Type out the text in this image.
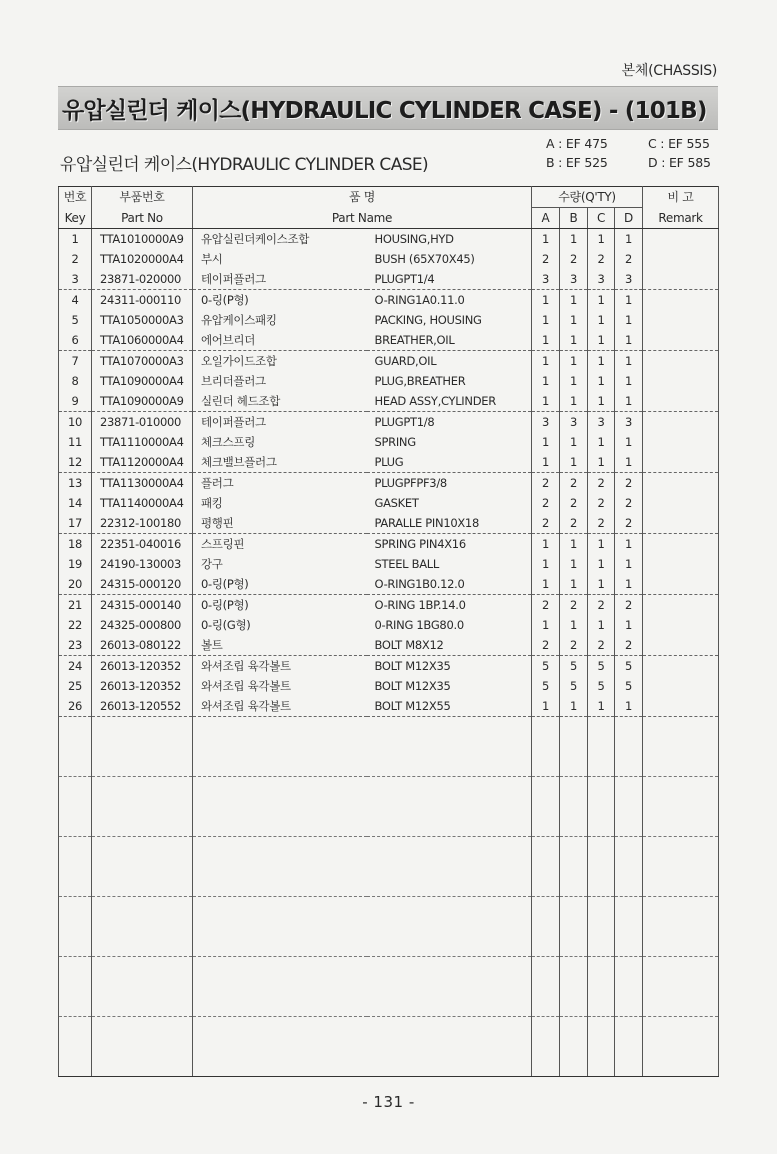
본체(CHASSIS)
유압실린더 케이스(HYDRAULIC CYLINDER CASE) - (101B)
유압실린더 케이스(HYDRAULIC CYLINDER CASE)
A : EF 475
B : EF 525
C : EF 555
D : EF 585
번호	부품번호	품 명		수량(Q'TY)				비 고
Key	Part No	Part Name		A	B	C	D	Remark
1	TTA1010000A9	유압실린더케이스조합	HOUSING,HYD	1	1	1	1	
2	TTA1020000A4	부시	BUSH (65X70X45)	2	2	2	2	
3	23871-020000	테이퍼플러그	PLUGPT1/4	3	3	3	3	
4	24311-000110	0-링(P형)	O-RING1A0.11.0	1	1	1	1	
5	TTA1050000A3	유압케이스패킹	PACKING, HOUSING	1	1	1	1	
6	TTA1060000A4	에어브리더	BREATHER,OIL	1	1	1	1	
7	TTA1070000A3	오일가이드조합	GUARD,OIL	1	1	1	1	
8	TTA1090000A4	브리더플러그	PLUG,BREATHER	1	1	1	1	
9	TTA1090000A9	실린더 헤드조합	HEAD ASSY,CYLINDER	1	1	1	1	
10	23871-010000	테이퍼플러그	PLUGPT1/8	3	3	3	3	
11	TTA1110000A4	체크스프링	SPRING	1	1	1	1	
12	TTA1120000A4	체크밸브플러그	PLUG	1	1	1	1	
13	TTA1130000A4	플러그	PLUGPFPF3/8	2	2	2	2	
14	TTA1140000A4	패킹	GASKET	2	2	2	2	
17	22312-100180	평행핀	PARALLE PIN10X18	2	2	2	2	
18	22351-040016	스프링핀	SPRING PIN4X16	1	1	1	1	
19	24190-130003	강구	STEEL BALL	1	1	1	1	
20	24315-000120	0-링(P형)	O-RING1B0.12.0	1	1	1	1	
21	24315-000140	0-링(P형)	O-RING 1BP.14.0	2	2	2	2	
22	24325-000800	0-링(G형)	0-RING 1BG80.0	1	1	1	1	
23	26013-080122	볼트	BOLT M8X12	2	2	2	2	
24	26013-120352	와셔조립 육각볼트	BOLT M12X35	5	5	5	5	
25	26013-120352	와셔조립 육각볼트	BOLT M12X35	5	5	5	5	
26	26013-120552	와셔조립 육각볼트	BOLT M12X55	1	1	1	1	

- 131 -
